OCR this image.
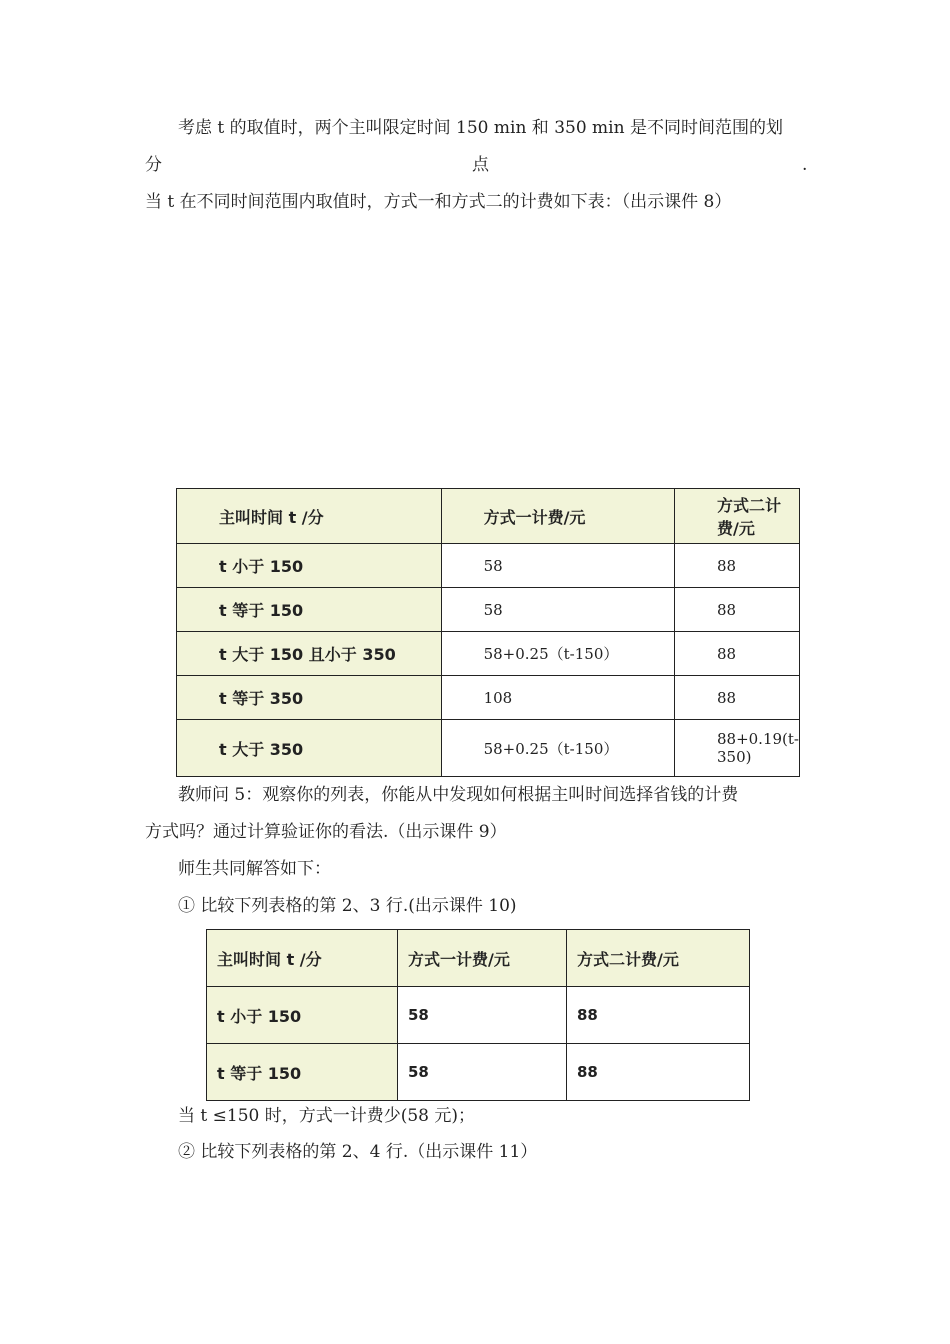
考虑 t 的取值时，两个主叫限定时间 150 min 和 350 min 是不同时间范围的划
分	点	.
当 t 在不同时间范围内取值时，方式一和方式二的计费如下表：（出示课件 8）
主叫时间 t /分	方式一计费/元	方式二计费/元
t 小于 150	58	88
t 等于 150	58	88
t 大于 150 且小于 350	58+0.25（t-150）	88
t 等于 350	108	88
t 大于 350	58+0.25（t-150）	88+0.19(t-350)
教师问 5：观察你的列表，你能从中发现如何根据主叫时间选择省钱的计费
方式吗？通过计算验证你的看法.（出示课件 9）
师生共同解答如下：
① 比较下列表格的第 2、3 行.(出示课件 10)
主叫时间 t /分	方式一计费/元	方式二计费/元
t 小于 150	58	88
t 等于 150	58	88
当 t ≤150 时，方式一计费少(58 元)；
② 比较下列表格的第 2、4 行.（出示课件 11）
